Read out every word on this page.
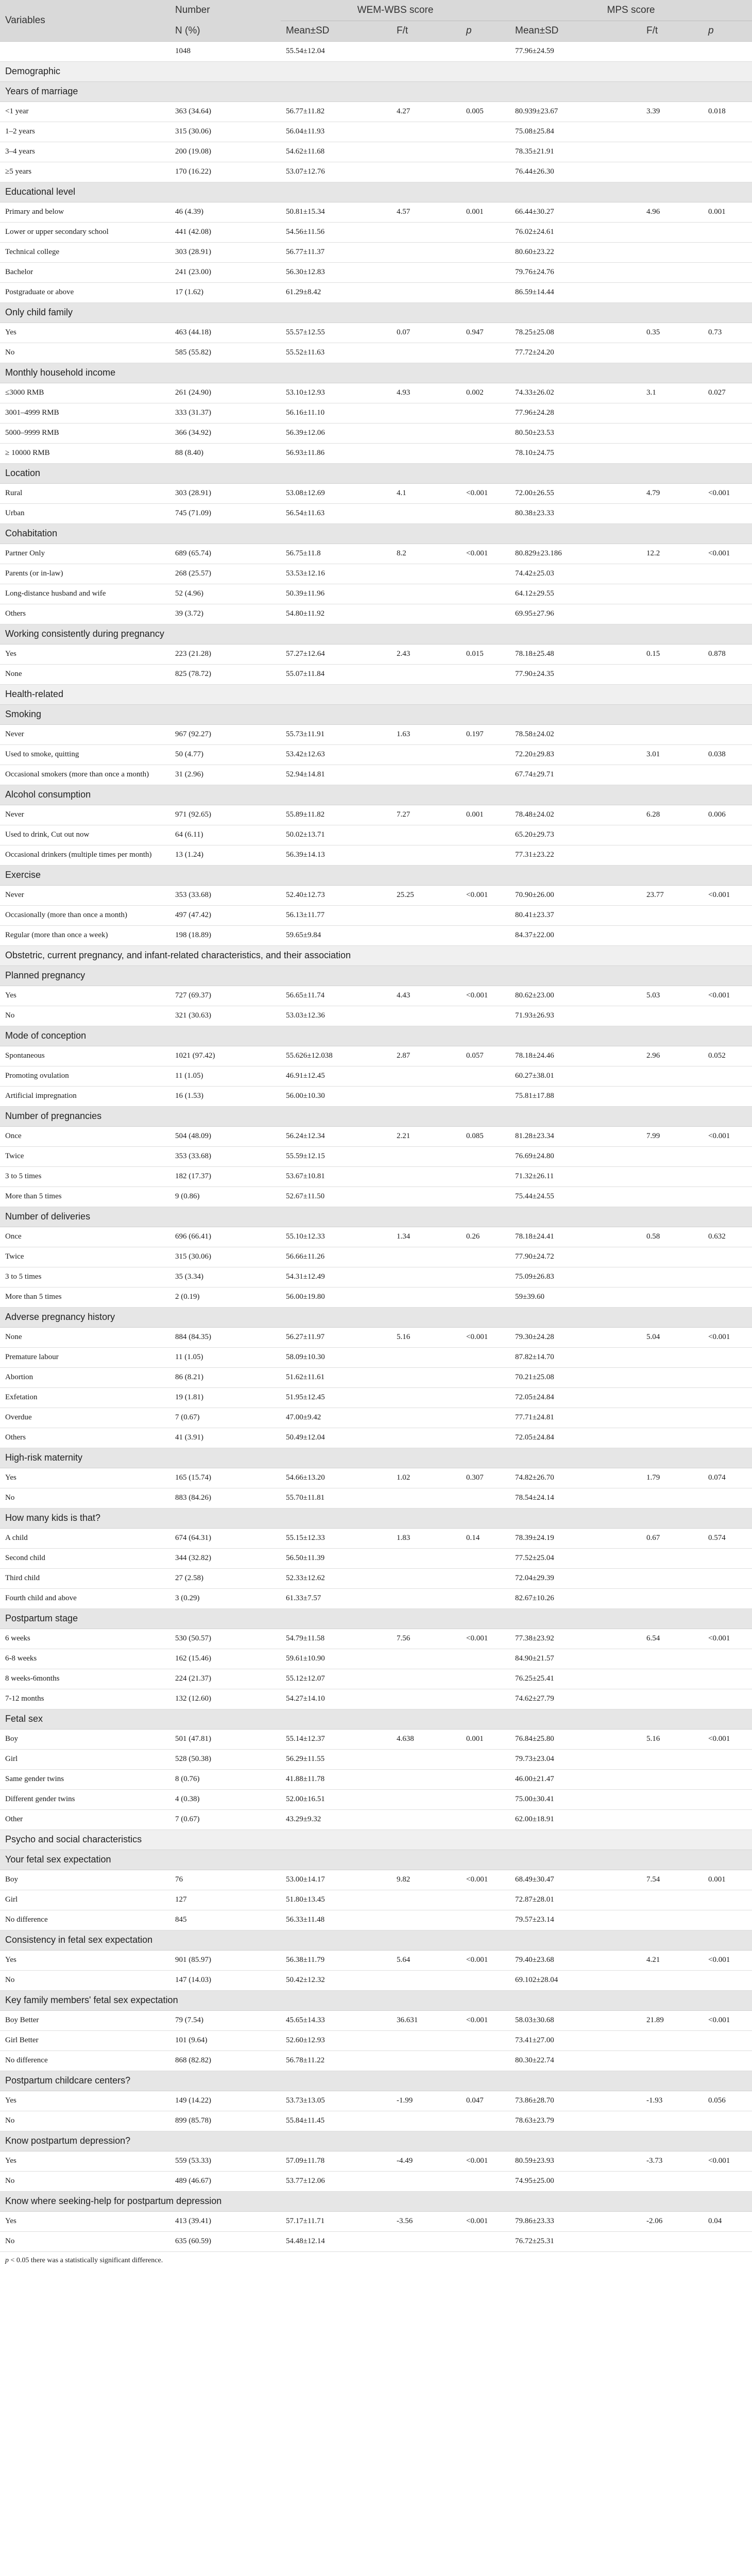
Variables	Number	WEM-WBS score			MPS score		
	N (%)	Mean±SD	F/t	p	Mean±SD	F/t	p
	1048	55.54±12.04			77.96±24.59		
Demographic							
Years of marriage							
<1 year	363 (34.64)	56.77±11.82	4.27	0.005	80.939±23.67	3.39	0.018
1–2 years	315 (30.06)	56.04±11.93			75.08±25.84		
3–4 years	200 (19.08)	54.62±11.68			78.35±21.91		
≥5 years	170 (16.22)	53.07±12.76			76.44±26.30		
Educational level							
Primary and below	46 (4.39)	50.81±15.34	4.57	0.001	66.44±30.27	4.96	0.001
Lower or upper secondary school	441 (42.08)	54.56±11.56			76.02±24.61		
Technical college	303 (28.91)	56.77±11.37			80.60±23.22		
Bachelor	241 (23.00)	56.30±12.83			79.76±24.76		
Postgraduate or above	17 (1.62)	61.29±8.42			86.59±14.44		
Only child family							
Yes	463 (44.18)	55.57±12.55	0.07	0.947	78.25±25.08	0.35	0.73
No	585 (55.82)	55.52±11.63			77.72±24.20		
Monthly household income							
≤3000 RMB	261 (24.90)	53.10±12.93	4.93	0.002	74.33±26.02	3.1	0.027
3001–4999 RMB	333 (31.37)	56.16±11.10			77.96±24.28		
5000–9999 RMB	366 (34.92)	56.39±12.06			80.50±23.53		
≥ 10000 RMB	88 (8.40)	56.93±11.86			78.10±24.75		
Location							
Rural	303 (28.91)	53.08±12.69	4.1	<0.001	72.00±26.55	4.79	<0.001
Urban	745 (71.09)	56.54±11.63			80.38±23.33		
Cohabitation							
Partner Only	689 (65.74)	56.75±11.8	8.2	<0.001	80.829±23.186	12.2	<0.001
Parents (or in-law)	268 (25.57)	53.53±12.16			74.42±25.03		
Long-distance husband and wife	52 (4.96)	50.39±11.96			64.12±29.55		
Others	39 (3.72)	54.80±11.92			69.95±27.96		
Working consistently during pregnancy							
Yes	223 (21.28)	57.27±12.64	2.43	0.015	78.18±25.48	0.15	0.878
None	825 (78.72)	55.07±11.84			77.90±24.35		
Health-related							
Smoking							
Never	967 (92.27)	55.73±11.91	1.63	0.197	78.58±24.02		
Used to smoke, quitting	50 (4.77)	53.42±12.63			72.20±29.83	3.01	0.038
Occasional smokers (more than once a month)	31 (2.96)	52.94±14.81			67.74±29.71		
Alcohol consumption							
Never	971 (92.65)	55.89±11.82	7.27	0.001	78.48±24.02	6.28	0.006
Used to drink, Cut out now	64 (6.11)	50.02±13.71			65.20±29.73		
Occasional drinkers (multiple times per month)	13 (1.24)	56.39±14.13			77.31±23.22		
Exercise							
Never	353 (33.68)	52.40±12.73	25.25	<0.001	70.90±26.00	23.77	<0.001
Occasionally (more than once a month)	497 (47.42)	56.13±11.77			80.41±23.37		
Regular (more than once a week)	198 (18.89)	59.65±9.84			84.37±22.00		
Obstetric, current pregnancy, and infant-related characteristics, and their association							
Planned pregnancy							
Yes	727 (69.37)	56.65±11.74	4.43	<0.001	80.62±23.00	5.03	<0.001
No	321 (30.63)	53.03±12.36			71.93±26.93		
Mode of conception							
Spontaneous	1021 (97.42)	55.626±12.038	2.87	0.057	78.18±24.46	2.96	0.052
Promoting ovulation	11 (1.05)	46.91±12.45			60.27±38.01		
Artificial impregnation	16 (1.53)	56.00±10.30			75.81±17.88		
Number of pregnancies							
Once	504 (48.09)	56.24±12.34	2.21	0.085	81.28±23.34	7.99	<0.001
Twice	353 (33.68)	55.59±12.15			76.69±24.80		
3 to 5 times	182 (17.37)	53.67±10.81			71.32±26.11		
More than 5 times	9 (0.86)	52.67±11.50			75.44±24.55		
Number of deliveries							
Once	696 (66.41)	55.10±12.33	1.34	0.26	78.18±24.41	0.58	0.632
Twice	315 (30.06)	56.66±11.26			77.90±24.72		
3 to 5 times	35 (3.34)	54.31±12.49			75.09±26.83		
More than 5 times	2 (0.19)	56.00±19.80			59±39.60		
Adverse pregnancy history							
None	884 (84.35)	56.27±11.97	5.16	<0.001	79.30±24.28	5.04	<0.001
Premature labour	11 (1.05)	58.09±10.30			87.82±14.70		
Abortion	86 (8.21)	51.62±11.61			70.21±25.08		
Exfetation	19 (1.81)	51.95±12.45			72.05±24.84		
Overdue	7 (0.67)	47.00±9.42			77.71±24.81		
Others	41 (3.91)	50.49±12.04			72.05±24.84		
High-risk maternity							
Yes	165 (15.74)	54.66±13.20	1.02	0.307	74.82±26.70	1.79	0.074
No	883 (84.26)	55.70±11.81			78.54±24.14		
How many kids is that?							
A child	674 (64.31)	55.15±12.33	1.83	0.14	78.39±24.19	0.67	0.574
Second child	344 (32.82)	56.50±11.39			77.52±25.04		
Third child	27 (2.58)	52.33±12.62			72.04±29.39		
Fourth child and above	3 (0.29)	61.33±7.57			82.67±10.26		
Postpartum stage							
6 weeks	530 (50.57)	54.79±11.58	7.56	<0.001	77.38±23.92	6.54	<0.001
6-8 weeks	162 (15.46)	59.61±10.90			84.90±21.57		
8 weeks-6months	224 (21.37)	55.12±12.07			76.25±25.41		
7-12 months	132 (12.60)	54.27±14.10			74.62±27.79		
Fetal sex							
Boy	501 (47.81)	55.14±12.37	4.638	0.001	76.84±25.80	5.16	<0.001
Girl	528 (50.38)	56.29±11.55			79.73±23.04		
Same gender twins	8 (0.76)	41.88±11.78			46.00±21.47		
Different gender twins	4 (0.38)	52.00±16.51			75.00±30.41		
Other	7 (0.67)	43.29±9.32			62.00±18.91		
Psycho and social characteristics							
Your fetal sex expectation							
Boy	76	53.00±14.17	9.82	<0.001	68.49±30.47	7.54	0.001
Girl	127	51.80±13.45			72.87±28.01		
No difference	845	56.33±11.48			79.57±23.14		
Consistency in fetal sex expectation							
Yes	901 (85.97)	56.38±11.79	5.64	<0.001	79.40±23.68	4.21	<0.001
No	147 (14.03)	50.42±12.32			69.102±28.04		
Key family members' fetal sex expectation							
Boy Better	79 (7.54)	45.65±14.33	36.631	<0.001	58.03±30.68	21.89	<0.001
Girl Better	101 (9.64)	52.60±12.93			73.41±27.00		
No difference	868 (82.82)	56.78±11.22			80.30±22.74		
Postpartum childcare centers?							
Yes	149 (14.22)	53.73±13.05	-1.99	0.047	73.86±28.70	-1.93	0.056
No	899 (85.78)	55.84±11.45			78.63±23.79		
Know postpartum depression?							
Yes	559 (53.33)	57.09±11.78	-4.49	<0.001	80.59±23.93	-3.73	<0.001
No	489 (46.67)	53.77±12.06			74.95±25.00		
Know where seeking-help for postpartum depression							
Yes	413 (39.41)	57.17±11.71	-3.56	<0.001	79.86±23.33	-2.06	0.04
No	635 (60.59)	54.48±12.14			76.72±25.31		
p < 0.05 there was a statistically significant difference.
